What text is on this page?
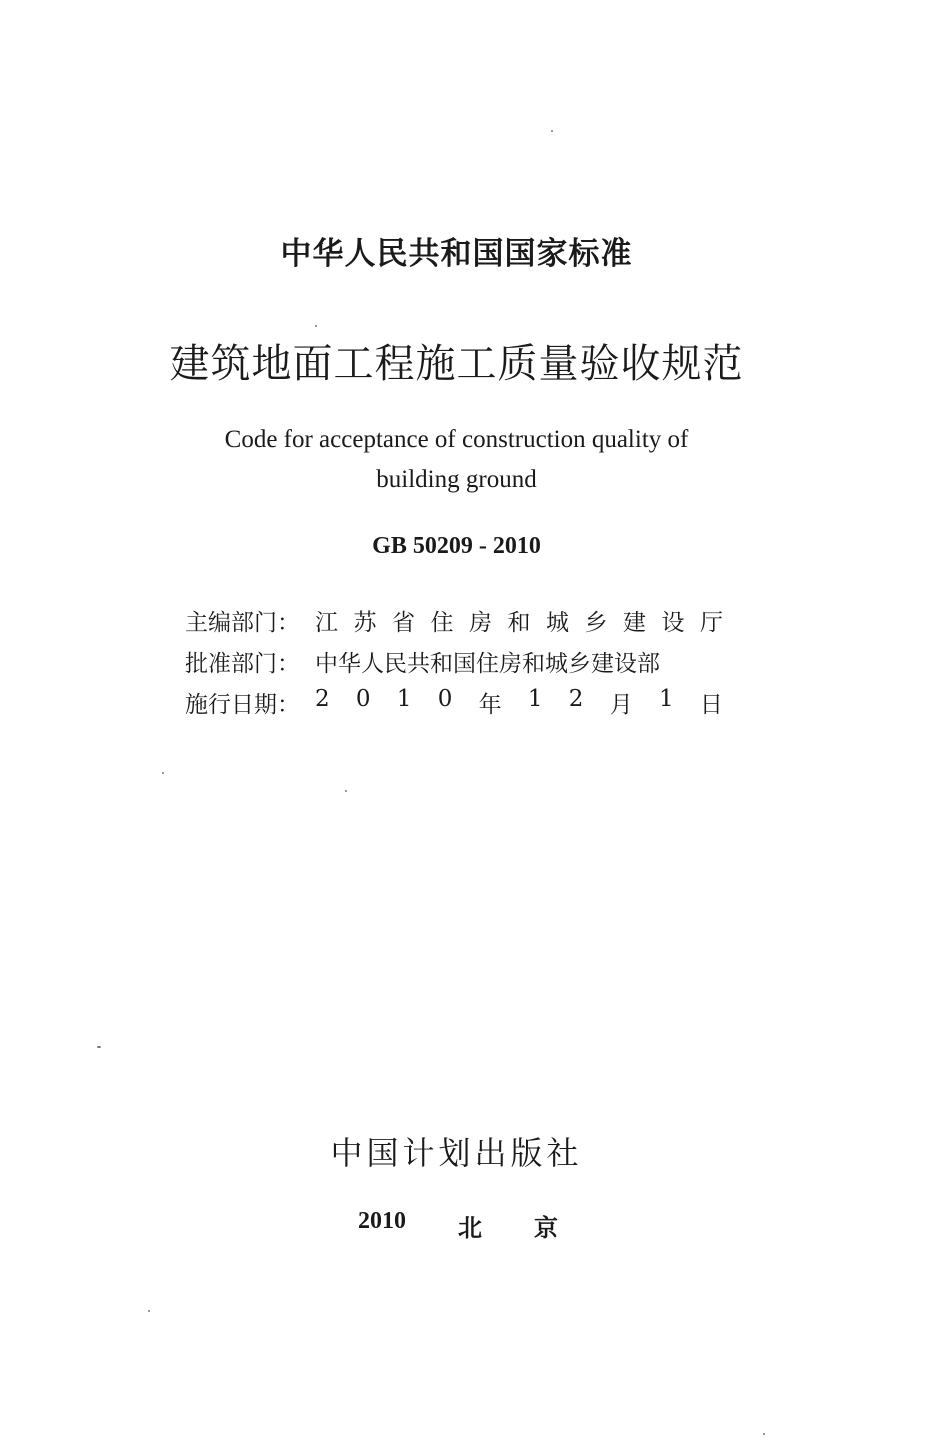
中华人民共和国国家标准
建筑地面工程施工质量验收规范
Code for acceptance of construction quality of
building ground
GB 50209 - 2010
主编部门： 江 苏 省 住 房 和 城 乡 建 设 厅
批准部门： 中华人民共和国住房和城乡建设部
施行日期： 2 0 1 0 年 1 2 月 1 日
中国计划出版社
2010 北京
